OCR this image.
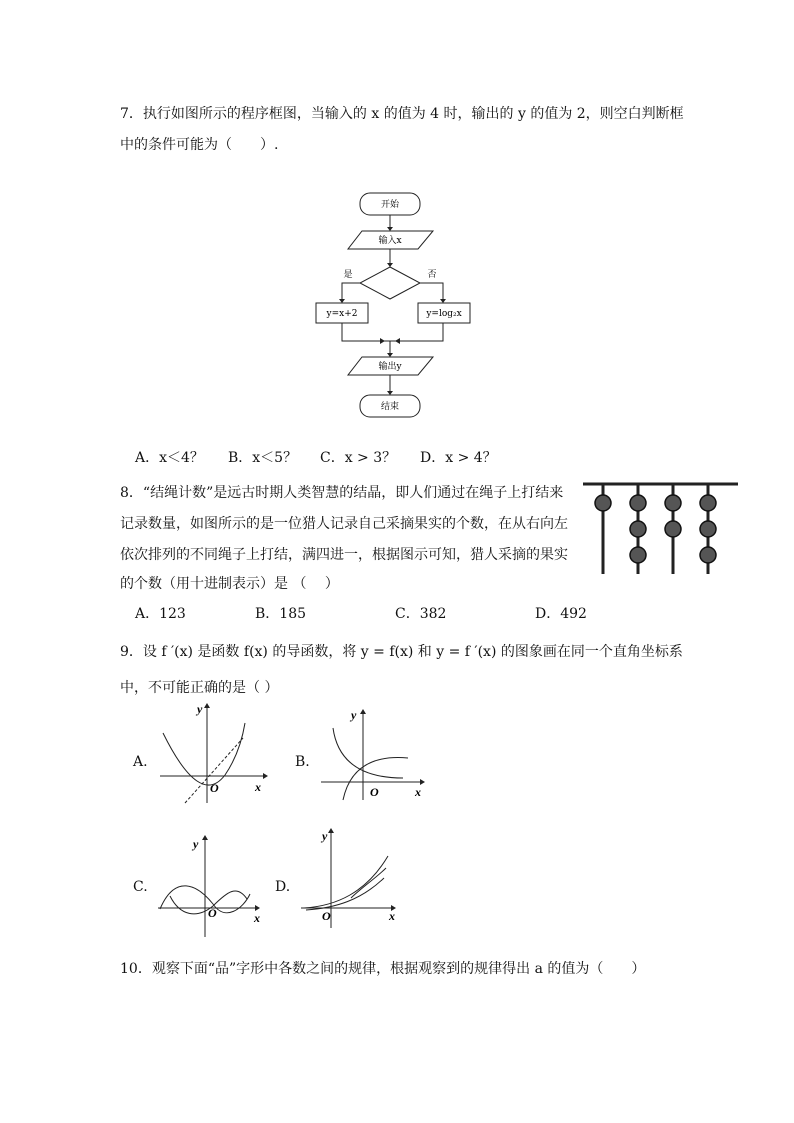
7．执行如图所示的程序框图，当输入的 x 的值为 4 时，输出的 y 的值为 2，则空白判断框
中的条件可能为（　　）.
开始
输入x
是	否
y=x+2	y=log₂x
输出y
结束
A．x＜4？ B．x＜5？ C．x > 3？ D．x > 4？
8．“结绳计数”是远古时期人类智慧的结晶，即人们通过在绳子上打结来
记录数量，如图所示的是一位猎人记录自己采摘果实的个数，在从右向左
依次排列的不同绳子上打结，满四进一，根据图示可知，猎人采摘的果实
的个数（用十进制表示）是 （　 ）
A．123	B．185	C．382	D．492
9．设 f ′(x) 是函数 f(x) 的导函数，将 y = f(x) 和 y = f ′(x) 的图象画在同一个直角坐标系
中，不可能正确的是（ ）
A.
x
y
O
B.
x
y
O
C.
x
y
O
D.
x
y
O
10．观察下面“品”字形中各数之间的规律，根据观察到的规律得出 a 的值为（　　）
